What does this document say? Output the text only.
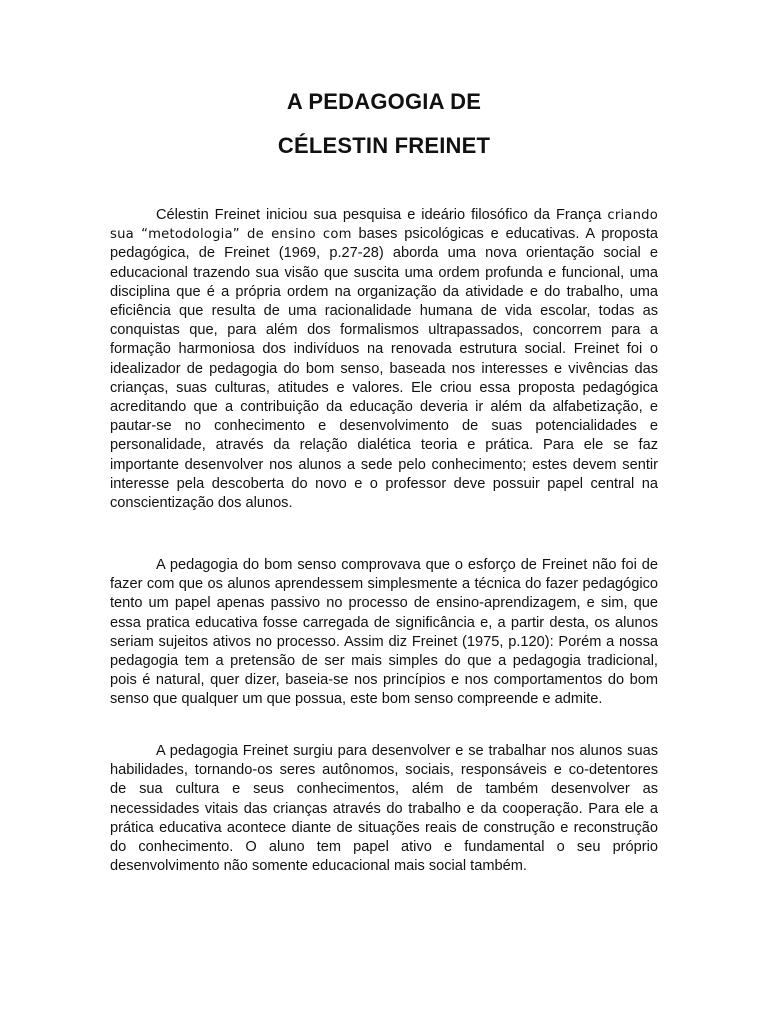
A PEDAGOGIA DE
CÉLESTIN FREINET

Célestin Freinet iniciou sua pesquisa e ideário filosófico da França criando sua “metodologia” de ensino com bases psicológicas e educativas. A proposta pedagógica, de Freinet (1969, p.27-28) aborda uma nova orientação social e educacional trazendo sua visão que suscita uma ordem profunda e funcional, uma disciplina que é a própria ordem na organização da atividade e do trabalho, uma eficiência que resulta de uma racionalidade humana de vida escolar, todas as conquistas que, para além dos formalismos ultrapassados, concorrem para a formação harmoniosa dos indivíduos na renovada estrutura social. Freinet foi o idealizador de pedagogia do bom senso, baseada nos interesses e vivências das crianças, suas culturas, atitudes e valores. Ele criou essa proposta pedagógica acreditando que a contribuição da educação deveria ir além da alfabetização, e pautar-se no conhecimento e desenvolvimento de suas potencialidades e personalidade, através da relação dialética teoria e prática. Para ele se faz importante desenvolver nos alunos a sede pelo conhecimento; estes devem sentir interesse pela descoberta do novo e o professor deve possuir papel central na conscientização dos alunos.

A pedagogia do bom senso comprovava que o esforço de Freinet não foi de fazer com que os alunos aprendessem simplesmente a técnica do fazer pedagógico tento um papel apenas passivo no processo de ensino-aprendizagem, e sim, que essa pratica educativa fosse carregada de significância e, a partir desta, os alunos seriam sujeitos ativos no processo. Assim diz Freinet (1975, p.120): Porém a nossa pedagogia tem a pretensão de ser mais simples do que a pedagogia tradicional, pois é natural, quer dizer, baseia-se nos princípios e nos comportamentos do bom senso que qualquer um que possua, este bom senso compreende e admite.

A pedagogia Freinet surgiu para desenvolver e se trabalhar nos alunos suas habilidades, tornando-os seres autônomos, sociais, responsáveis e co-detentores de sua cultura e seus conhecimentos, além de também desenvolver as necessidades vitais das crianças através do trabalho e da cooperação. Para ele a prática educativa acontece diante de situações reais de construção e reconstrução do conhecimento. O aluno tem papel ativo e fundamental o seu próprio desenvolvimento não somente educacional mais social também.
